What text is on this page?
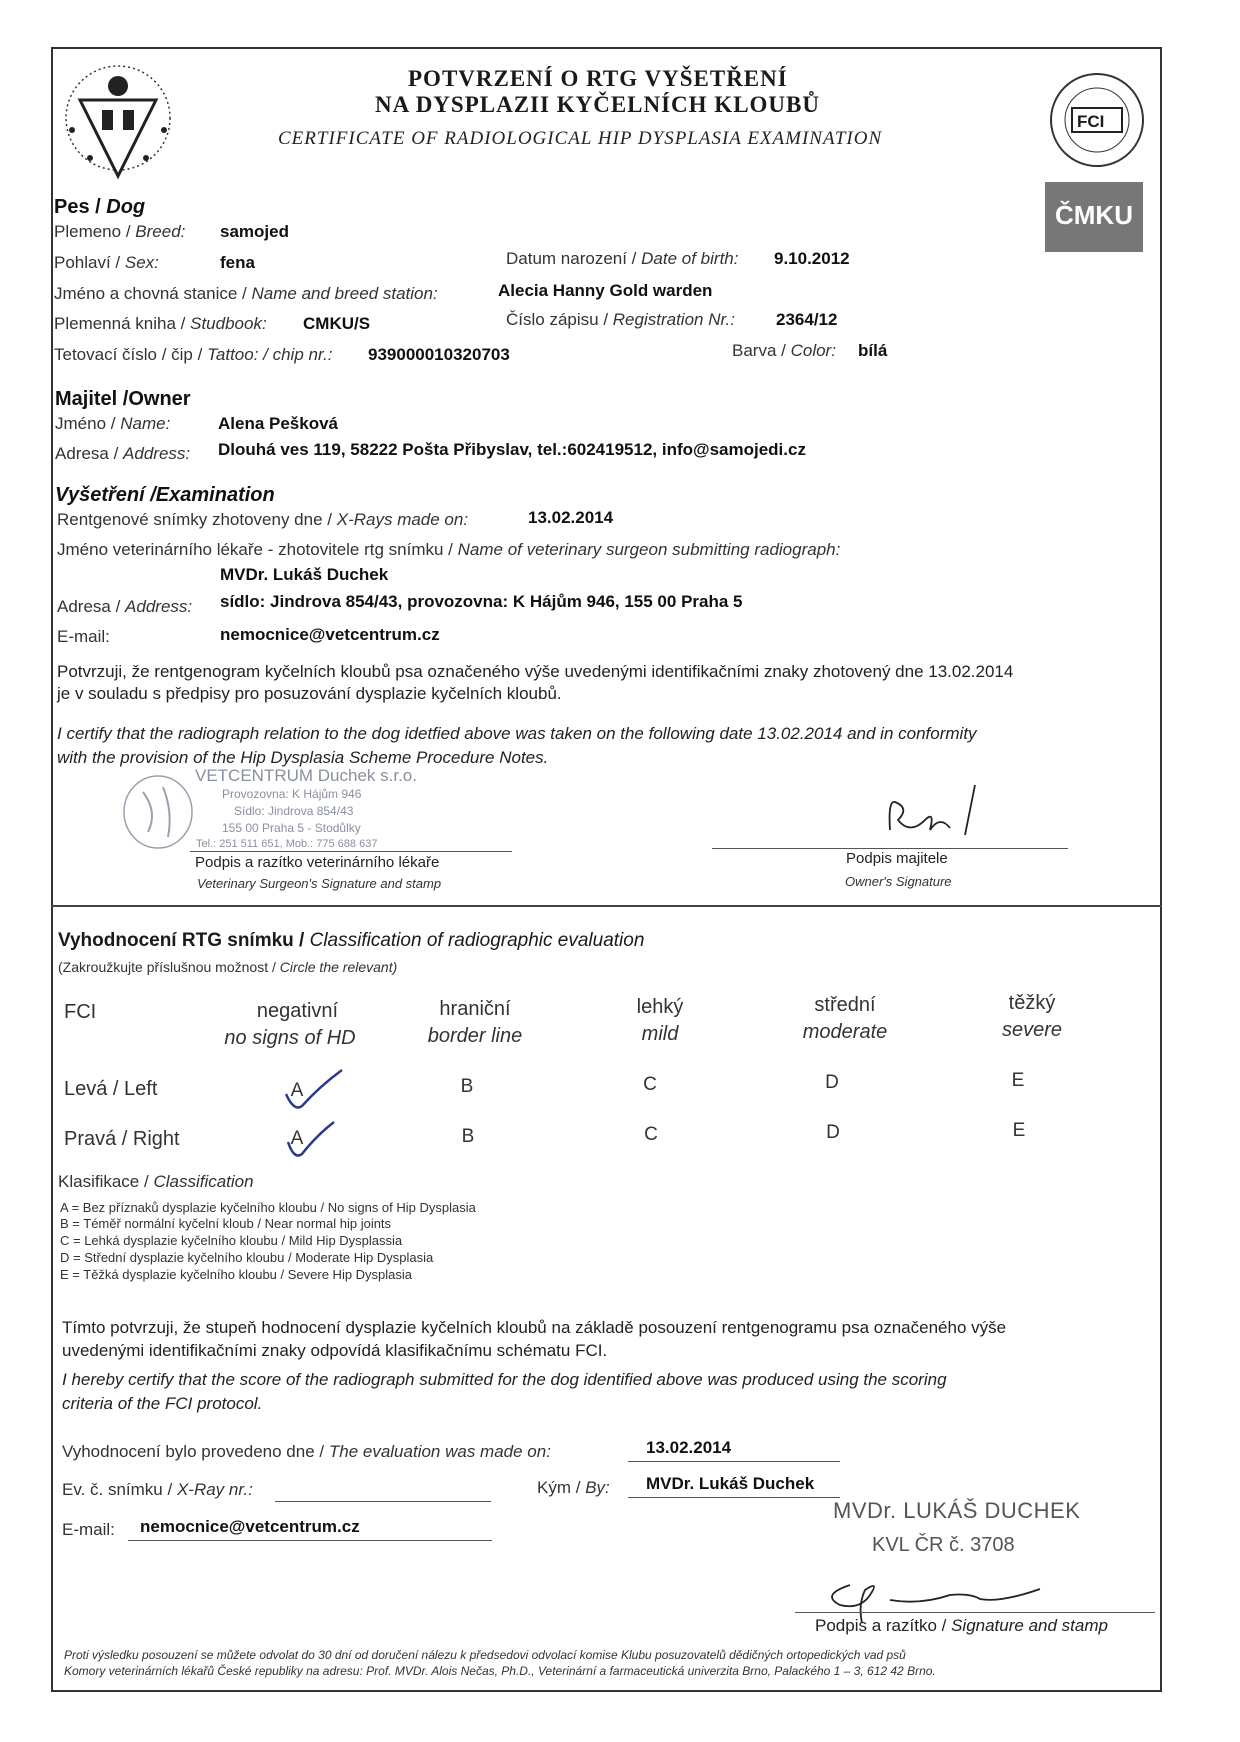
FCI
ČMKU
POTVRZENÍ O RTG VYŠETŘENÍ
NA DYSPLAZII KYČELNÍCH KLOUBŮ
CERTIFICATE OF RADIOLOGICAL HIP DYSPLASIA EXAMINATION
Pes / Dog
Plemeno / Breed: samojed
Pohlaví / Sex:	fena	Datum narození / Date of birth: 9.10.2012
Jméno a chovná stanice / Name and breed station:	Alecia Hanny Gold warden
Plemenná kniha / Studbook: CMKU/S	Číslo zápisu / Registration Nr.: 2364/12
Tetovací číslo / čip / Tattoo: / chip nr.: 939000010320703	Barva / Color: bílá
Majitel /Owner
Jméno / Name:	Alena Pešková
Adresa / Address: Dlouhá ves 119, 58222 Pošta Přibyslav, tel.:602419512, info@samojedi.cz
Vyšetření /Examination
Rentgenové snímky zhotoveny dne / X-Rays made on:	13.02.2014
Jméno veterinárního lékaře - zhotovitele rtg snímku / Name of veterinary surgeon submitting radiograph:
MVDr. Lukáš Duchek
Adresa / Address: sídlo: Jindrova 854/43, provozovna: K Hájům 946, 155 00 Praha 5
E-mail:	nemocnice@vetcentrum.cz
Potvrzuji, že rentgenogram kyčelních kloubů psa označeného výše uvedenými identifikačními znaky zhotovený dne 13.02.2014
je v souladu s předpisy pro posuzování dysplazie kyčelních kloubů.
I certify that the radiograph relation to the dog idetfied above was taken on the following date 13.02.2014 and in conformity
with the provision of the Hip Dysplasia Scheme Procedure Notes.
VETCENTRUM Duchek s.r.o.
Provozovna: K Hájům 946
Sídlo: Jindrova 854/43
155 00 Praha 5 - Stodůlky
Tel.: 251 511 651, Mob.: 775 688 637
Podpis a razítko veterinárního lékaře
Veterinary Surgeon's Signature and stamp
Podpis majitele
Owner's Signature
Vyhodnocení RTG snímku / Classification of radiographic evaluation
(Zakroužkujte příslušnou možnost / Circle the relevant)
FCI	negativní
no signs of HD
hraniční
border line
lehký
mild
střední
moderate
těžký
severe
Levá / Left	A	B	C	D	E
Pravá / Right	A	B	C	D	E
Klasifikace / Classification
A = Bez příznaků dysplazie kyčelního kloubu / No signs of Hip Dysplasia
B = Téměř normální kyčelní kloub / Near normal hip joints
C = Lehká dysplazie kyčelního kloubu / Mild Hip Dysplassia
D = Střední dysplazie kyčelního kloubu / Moderate Hip Dysplasia
E = Těžká dysplazie kyčelního kloubu / Severe Hip Dysplasia
Tímto potvrzuji, že stupeň hodnocení dysplazie kyčelních kloubů na základě posouzení rentgenogramu psa označeného výše
uvedenými identifikačními znaky odpovídá klasifikačnímu schématu FCI.
I hereby certify that the score of the radiograph submitted for the dog identified above was produced using the scoring
criteria of the FCI protocol.
Vyhodnocení bylo provedeno dne / The evaluation was made on:	13.02.2014
Ev. č. snímku / X-Ray nr.:	Kým / By: MVDr. Lukáš Duchek
E-mail: nemocnice@vetcentrum.cz
MVDr. LUKÁŠ DUCHEK
KVL ČR č. 3708
Podpis a razítko / Signature and stamp
Proti výsledku posouzení se můžete odvolat do 30 dní od doručení nálezu k předsedovi odvolací komise Klubu posuzovatelů dědičných ortopedických vad psů
Komory veterinárních lékařů České republiky na adresu: Prof. MVDr. Alois Nečas, Ph.D., Veterinární a farmaceutická univerzita Brno, Palackého 1 – 3, 612 42 Brno.
